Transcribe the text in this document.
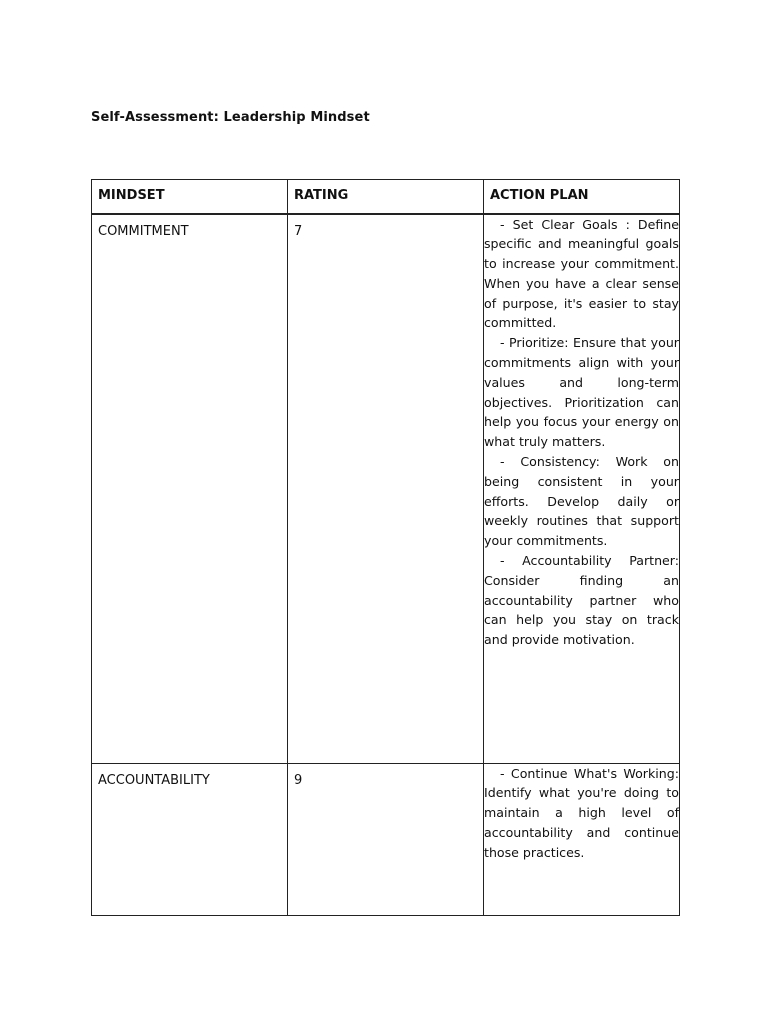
Self-Assessment: Leadership Mindset
MINDSET	RATING	ACTION PLAN

COMMITMENT	7	- Set Clear Goals : Define specific and meaningful goals to increase your commitment. When you have a clear sense of purpose, it's easier to stay committed.

- Prioritize: Ensure that your commitments align with your values and long-term objectives. Prioritization can help you focus your energy on what truly matters.

- Consistency: Work on being consistent in your efforts. Develop daily or weekly routines that support your commitments.

- Accountability Partner: Consider finding an accountability partner who can help you stay on track and provide motivation.

ACCOUNTABILITY	9	- Continue What's Working: Identify what you're doing to maintain a high level of accountability and continue those practices.
